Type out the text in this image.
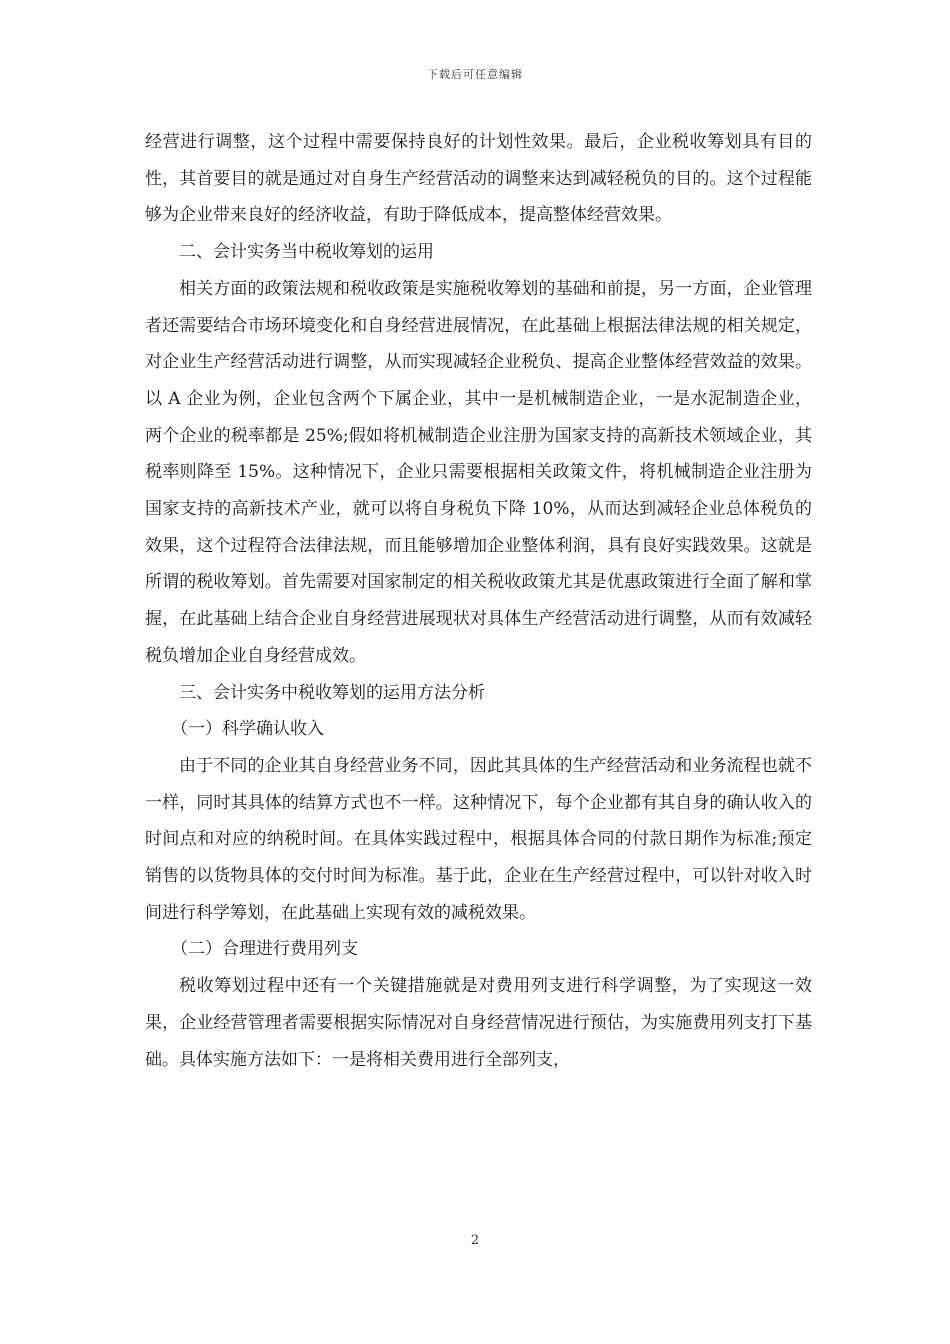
下载后可任意编辑

经营进行调整，这个过程中需要保持良好的计划性效果。最后，企业税收筹划具有目的性，其首要目的就是通过对自身生产经营活动的调整来达到减轻税负的目的。这个过程能够为企业带来良好的经济收益，有助于降低成本，提高整体经营效果。

二、会计实务当中税收筹划的运用

相关方面的政策法规和税收政策是实施税收筹划的基础和前提，另一方面，企业管理者还需要结合市场环境变化和自身经营进展情况，在此基础上根据法律法规的相关规定，对企业生产经营活动进行调整，从而实现减轻企业税负、提高企业整体经营效益的效果。以 A 企业为例，企业包含两个下属企业，其中一是机械制造企业，一是水泥制造企业，两个企业的税率都是 25%;假如将机械制造企业注册为国家支持的高新技术领域企业，其税率则降至 15%。这种情况下，企业只需要根据相关政策文件，将机械制造企业注册为国家支持的高新技术产业，就可以将自身税负下降 10%，从而达到减轻企业总体税负的效果，这个过程符合法律法规，而且能够增加企业整体利润，具有良好实践效果。这就是所谓的税收筹划。首先需要对国家制定的相关税收政策尤其是优惠政策进行全面了解和掌握，在此基础上结合企业自身经营进展现状对具体生产经营活动进行调整，从而有效减轻税负增加企业自身经营成效。

三、会计实务中税收筹划的运用方法分析

（一）科学确认收入

由于不同的企业其自身经营业务不同，因此其具体的生产经营活动和业务流程也就不一样，同时其具体的结算方式也不一样。这种情况下，每个企业都有其自身的确认收入的时间点和对应的纳税时间。在具体实践过程中，根据具体合同的付款日期作为标准;预定销售的以货物具体的交付时间为标准。基于此，企业在生产经营过程中，可以针对收入时间进行科学筹划，在此基础上实现有效的减税效果。

（二）合理进行费用列支

税收筹划过程中还有一个关键措施就是对费用列支进行科学调整，为了实现这一效果，企业经营管理者需要根据实际情况对自身经营情况进行预估，为实施费用列支打下基础。具体实施方法如下：一是将相关费用进行全部列支，

2
